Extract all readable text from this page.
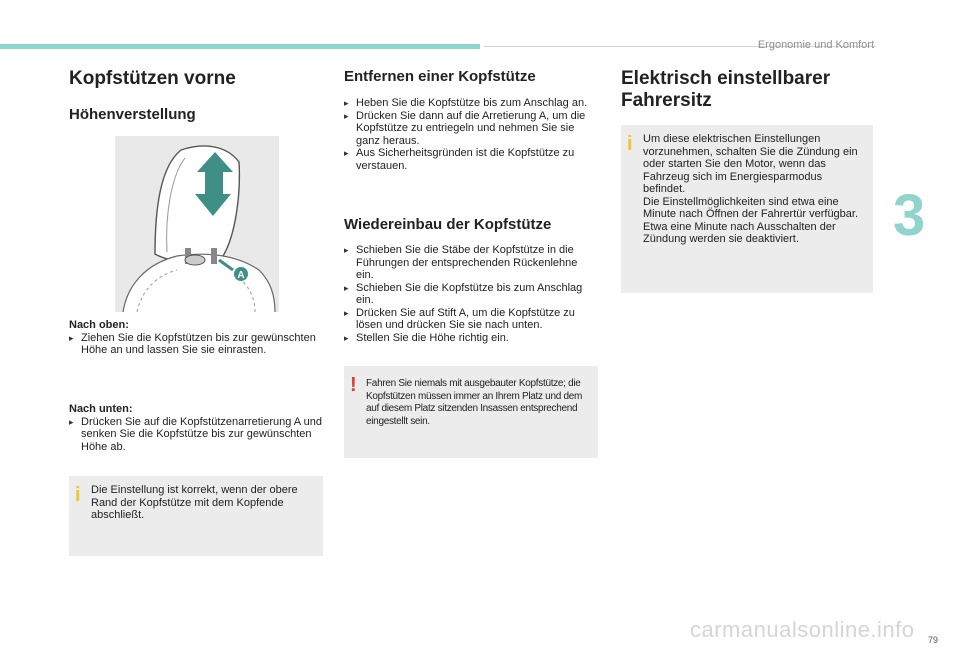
Ergonomie und Komfort
3
Kopfstützen vorne
Höhenverstellung
A
Nach oben:
▸ Ziehen Sie die Kopfstützen bis zur gewünschten Höhe an und lassen Sie sie einrasten.
Nach unten:
▸ Drücken Sie auf die Kopfstützenarretierung A und senken Sie die Kopfstütze bis zur gewünschten Höhe ab.
i Die Einstellung ist korrekt, wenn der obere Rand der Kopfstütze mit dem Kopfende abschließt.
Entfernen einer Kopfstütze
▸ Heben Sie die Kopfstütze bis zum Anschlag an.
▸ Drücken Sie dann auf die Arretierung A, um die Kopfstütze zu entriegeln und nehmen Sie sie ganz heraus.
▸ Aus Sicherheitsgründen ist die Kopfstütze zu verstauen.
Wiedereinbau der Kopfstütze
▸ Schieben Sie die Stäbe der Kopfstütze in die Führungen der entsprechenden Rückenlehne ein.
▸ Schieben Sie die Kopfstütze bis zum Anschlag ein.
▸ Drücken Sie auf Stift A, um die Kopfstütze zu lösen und drücken Sie sie nach unten.
▸ Stellen Sie die Höhe richtig ein.
! Fahren Sie niemals mit ausgebauter Kopfstütze; die Kopfstützen müssen immer an Ihrem Platz und dem auf diesem Platz sitzenden Insassen entsprechend eingestellt sein.
Elektrisch einstellbarer Fahrersitz
i Um diese elektrischen Einstellungen vorzunehmen, schalten Sie die Zündung ein oder starten Sie den Motor, wenn das Fahrzeug sich im Energiesparmodus befindet.
Die Einstellmöglichkeiten sind etwa eine Minute nach Öffnen der Fahrertür verfügbar. Etwa eine Minute nach Ausschalten der Zündung werden sie deaktiviert.
carmanualsonline.info 79
